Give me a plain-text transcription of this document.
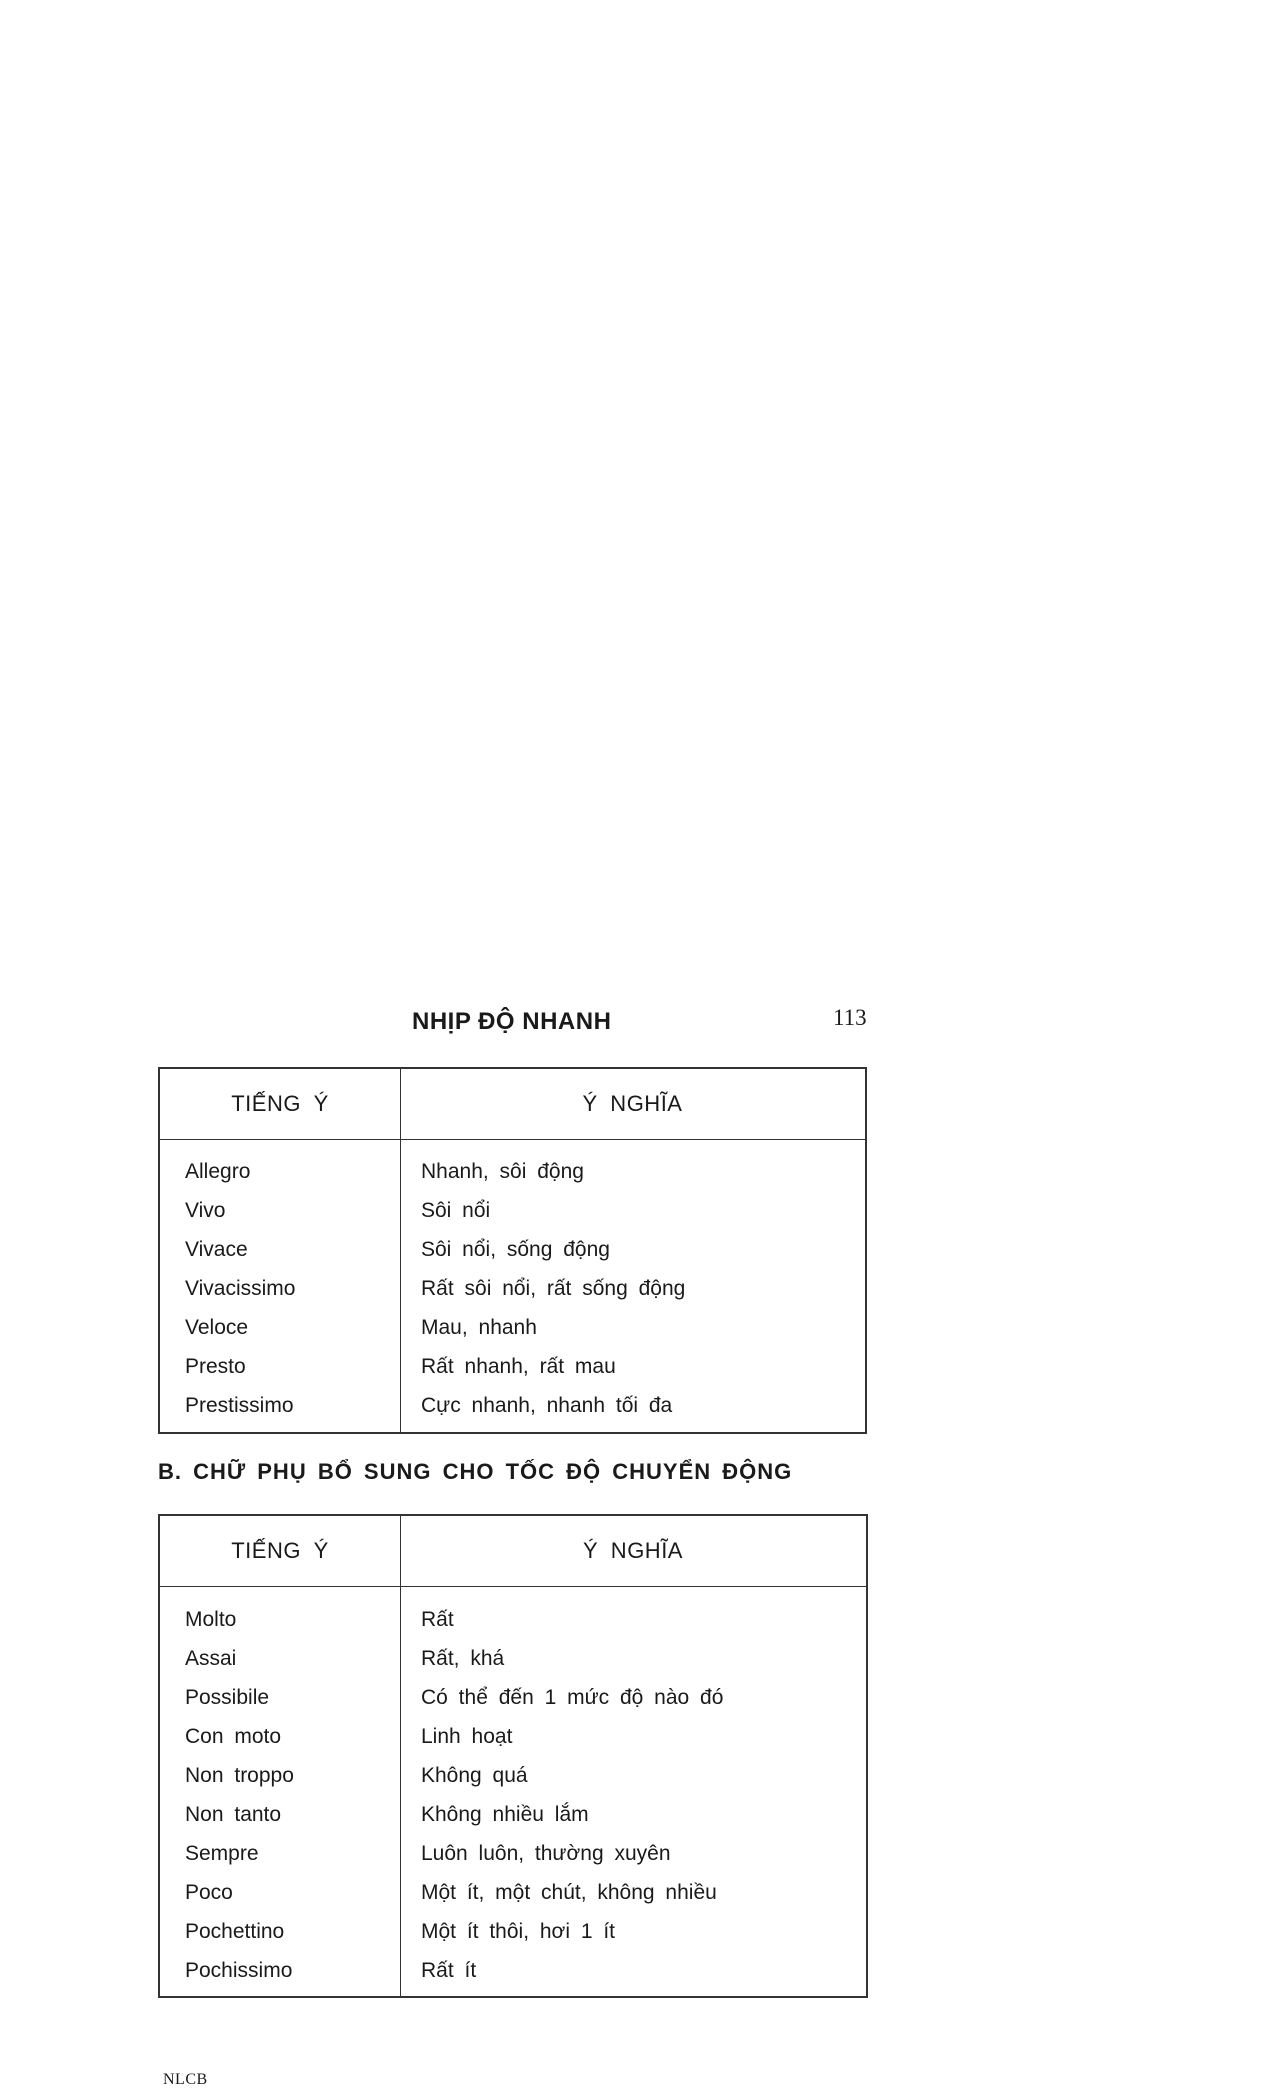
NHỊP ĐỘ NHANH	113
TIẾNG Ý	Ý NGHĨA
Allegro	Nhanh, sôi động
Vivo	Sôi nổi
Vivace	Sôi nổi, sống động
Vivacissimo	Rất sôi nổi, rất sống động
Veloce	Mau, nhanh
Presto	Rất nhanh, rất mau
Prestissimo	Cực nhanh, nhanh tối đa
B. CHỮ PHỤ BỔ SUNG CHO TỐC ĐỘ CHUYỂN ĐỘNG
TIẾNG Ý	Ý NGHĨA
Molto	Rất
Assai	Rất, khá
Possibile	Có thể đến 1 mức độ nào đó
Con moto	Linh hoạt
Non troppo	Không quá
Non tanto	Không nhiều lắm
Sempre	Luôn luôn, thường xuyên
Poco	Một ít, một chút, không nhiều
Pochettino	Một ít thôi, hơi 1 ít
Pochissimo	Rất ít
NLCB
